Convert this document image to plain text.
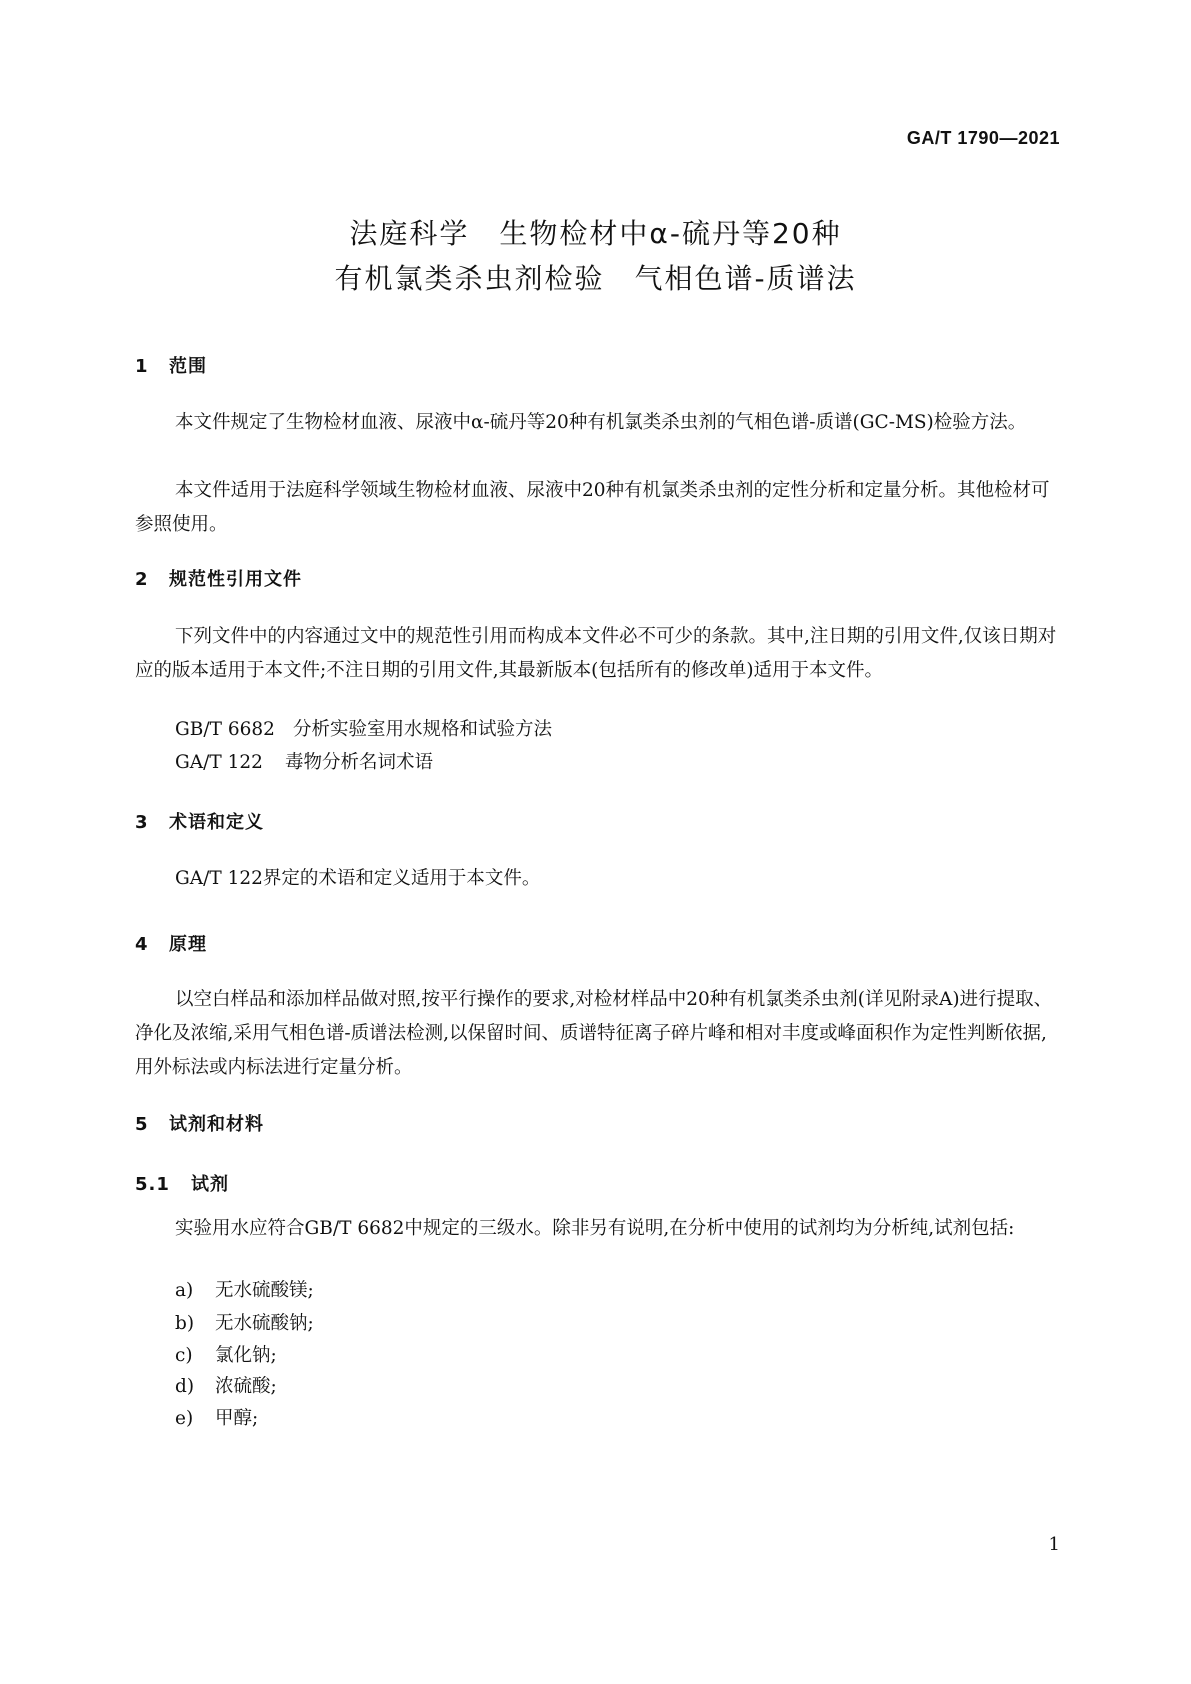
GA/T 1790—2021
法庭科学　生物检材中α-硫丹等20种
有机氯类杀虫剂检验　气相色谱-质谱法
1 范围
本文件规定了生物检材血液、尿液中α-硫丹等20种有机氯类杀虫剂的气相色谱-质谱(GC-MS)检验方法。
本文件适用于法庭科学领域生物检材血液、尿液中20种有机氯类杀虫剂的定性分析和定量分析。其他检材可参照使用。
2 规范性引用文件
下列文件中的内容通过文中的规范性引用而构成本文件必不可少的条款。其中,注日期的引用文件,仅该日期对应的版本适用于本文件;不注日期的引用文件,其最新版本(包括所有的修改单)适用于本文件。
GB/T 6682 分析实验室用水规格和试验方法
GA/T 122 毒物分析名词术语
3 术语和定义
GA/T 122界定的术语和定义适用于本文件。
4 原理
以空白样品和添加样品做对照,按平行操作的要求,对检材样品中20种有机氯类杀虫剂(详见附录A)进行提取、净化及浓缩,采用气相色谱-质谱法检测,以保留时间、质谱特征离子碎片峰和相对丰度或峰面积作为定性判断依据,用外标法或内标法进行定量分析。
5 试剂和材料
5.1 试剂
实验用水应符合GB/T 6682中规定的三级水。除非另有说明,在分析中使用的试剂均为分析纯,试剂包括:
a) 无水硫酸镁;
b) 无水硫酸钠;
c) 氯化钠;
d) 浓硫酸;
e) 甲醇;
1
